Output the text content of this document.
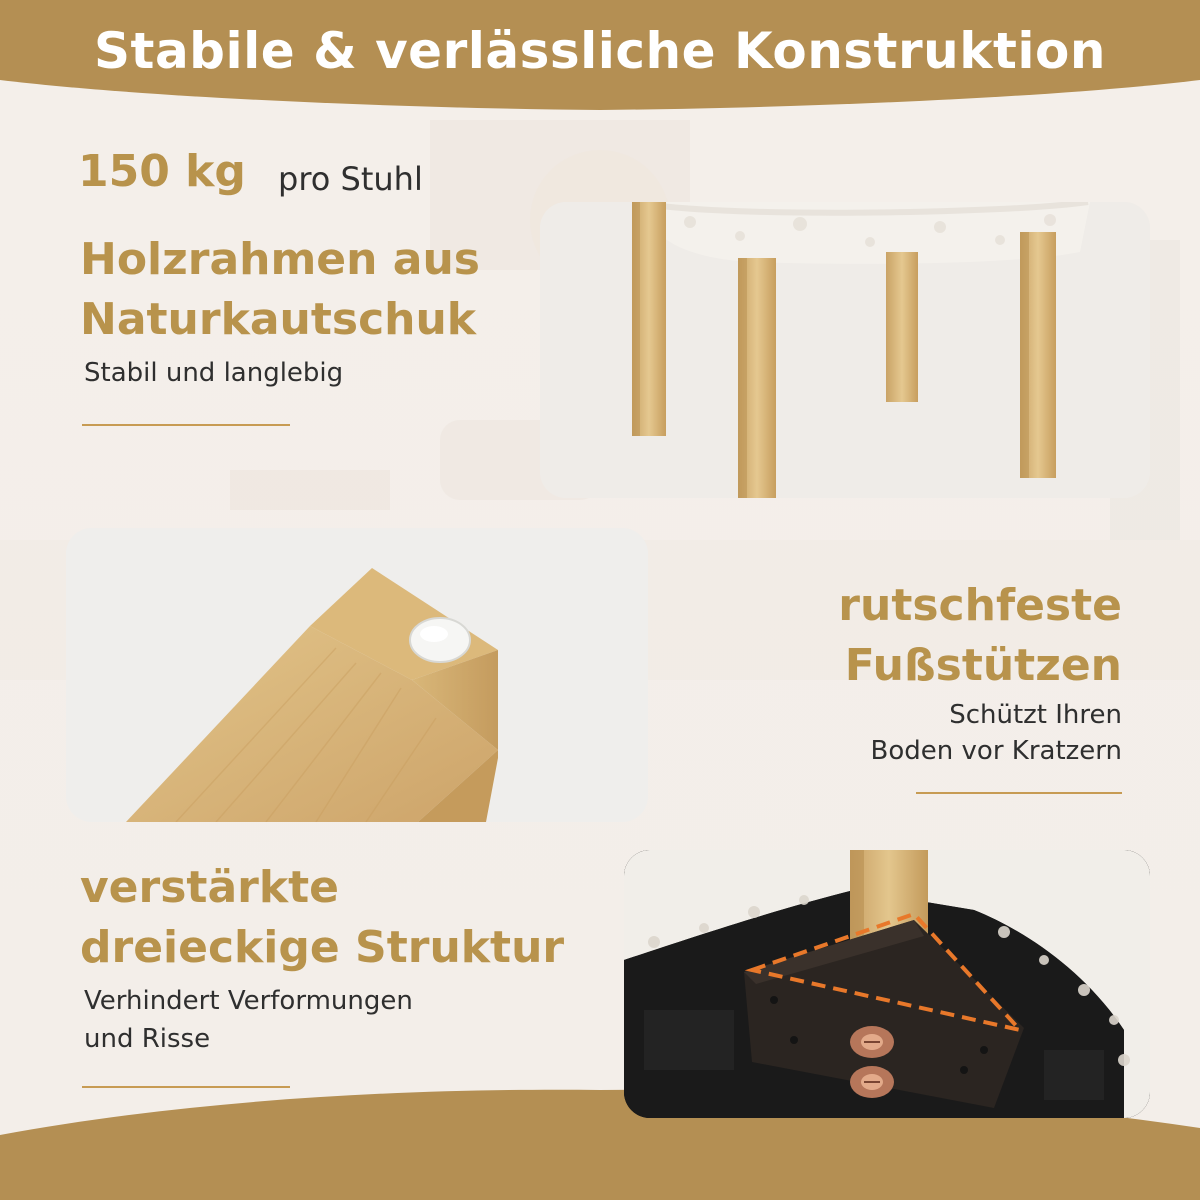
Stabile & verlässliche Konstruktion
150 kg pro Stuhl
Holzrahmen aus
Naturkautschuk
Stabil und langlebig
rutschfeste
Fußstützen
Schützt Ihren
Boden vor Kratzern
verstärkte
dreieckige Struktur
Verhindert Verformungen
und Risse
